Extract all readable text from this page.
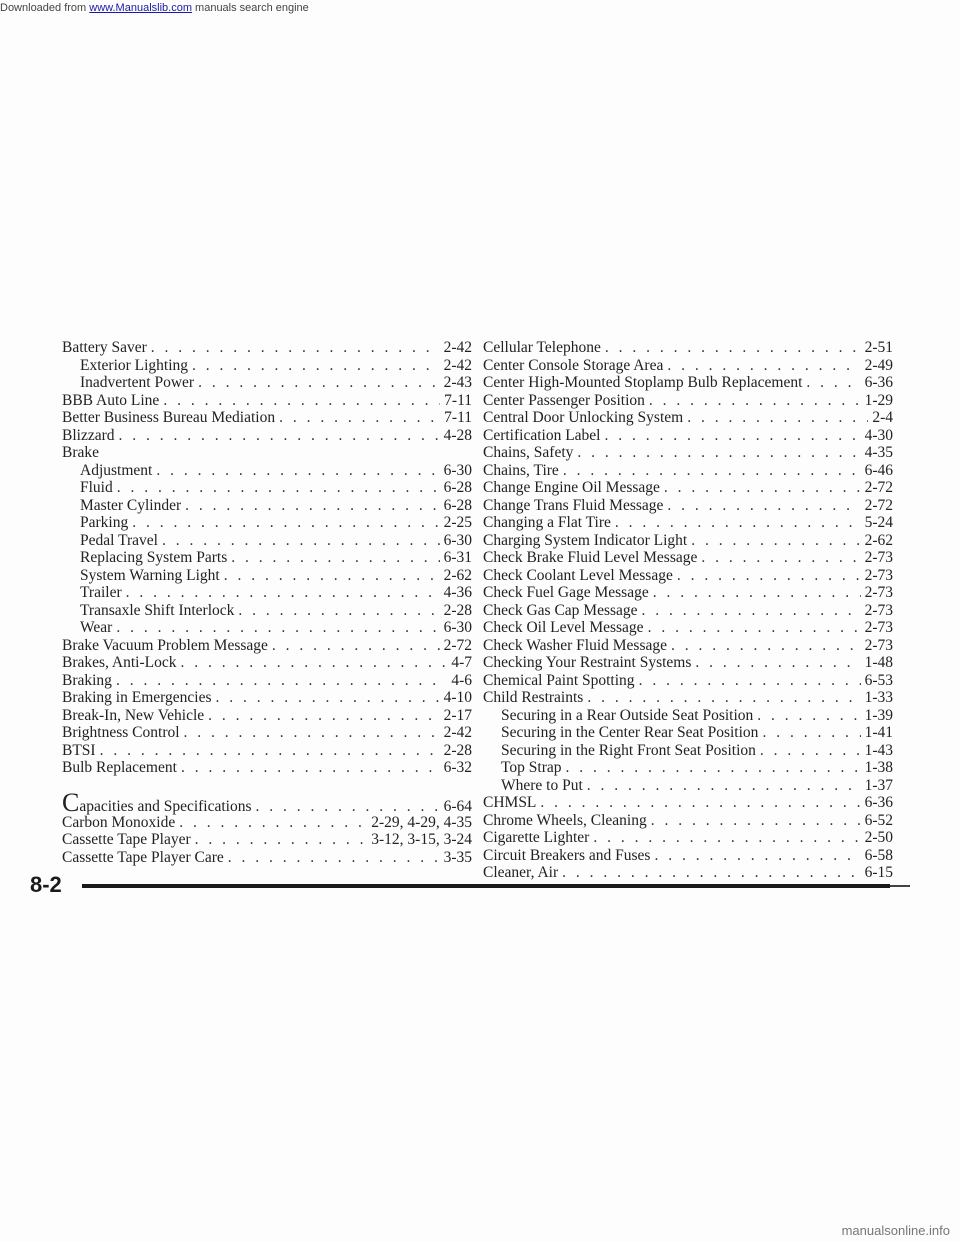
Downloaded from www.Manualslib.com manuals search engine
Battery Saver . . .	2-42
Exterior Lighting . . .	2-42
Inadvertent Power . . .	2-43
BBB Auto Line . . .	7-11
Better Business Bureau Mediation . . .	7-11
Blizzard . . .	4-28
Brake
Adjustment . . .	6-30
Fluid . . .	6-28
Master Cylinder . . .	6-28
Parking . . .	2-25
Pedal Travel . . .	6-30
Replacing System Parts . . .	6-31
System Warning Light . . .	2-62
Trailer . . .	4-36
Transaxle Shift Interlock . . .	2-28
Wear . . .	6-30
Brake Vacuum Problem Message . . .	2-72
Brakes, Anti-Lock . . .	4-7
Braking . . .	4-6
Braking in Emergencies . . .	4-10
Break-In, New Vehicle . . .	2-17
Brightness Control . . .	2-42
BTSI . . .	2-28
Bulb Replacement . . .	6-32
Capacities and Specifications . . .	6-64
Carbon Monoxide . . .	2-29, 4-29, 4-35
Cassette Tape Player . . .	3-12, 3-15, 3-24
Cassette Tape Player Care . . .	3-35
Cellular Telephone . . .	2-51
Center Console Storage Area . . .	2-49
Center High-Mounted Stoplamp Bulb Replacement . . .	6-36
Center Passenger Position . . .	1-29
Central Door Unlocking System . . .	2-4
Certification Label . . .	4-30
Chains, Safety . . .	4-35
Chains, Tire . . .	6-46
Change Engine Oil Message . . .	2-72
Change Trans Fluid Message . . .	2-72
Changing a Flat Tire . . .	5-24
Charging System Indicator Light . . .	2-62
Check Brake Fluid Level Message . . .	2-73
Check Coolant Level Message . . .	2-73
Check Fuel Gage Message . . .	2-73
Check Gas Cap Message . . .	2-73
Check Oil Level Message . . .	2-73
Check Washer Fluid Message . . .	2-73
Checking Your Restraint Systems . . .	1-48
Chemical Paint Spotting . . .	6-53
Child Restraints . . .	1-33
Securing in a Rear Outside Seat Position . . .	1-39
Securing in the Center Rear Seat Position . . .	1-41
Securing in the Right Front Seat Position . . .	1-43
Top Strap . . .	1-38
Where to Put . . .	1-37
CHMSL . . .	6-36
Chrome Wheels, Cleaning . . .	6-52
Cigarette Lighter . . .	2-50
Circuit Breakers and Fuses . . .	6-58
Cleaner, Air . . .	6-15
8-2
manualsonline.info
